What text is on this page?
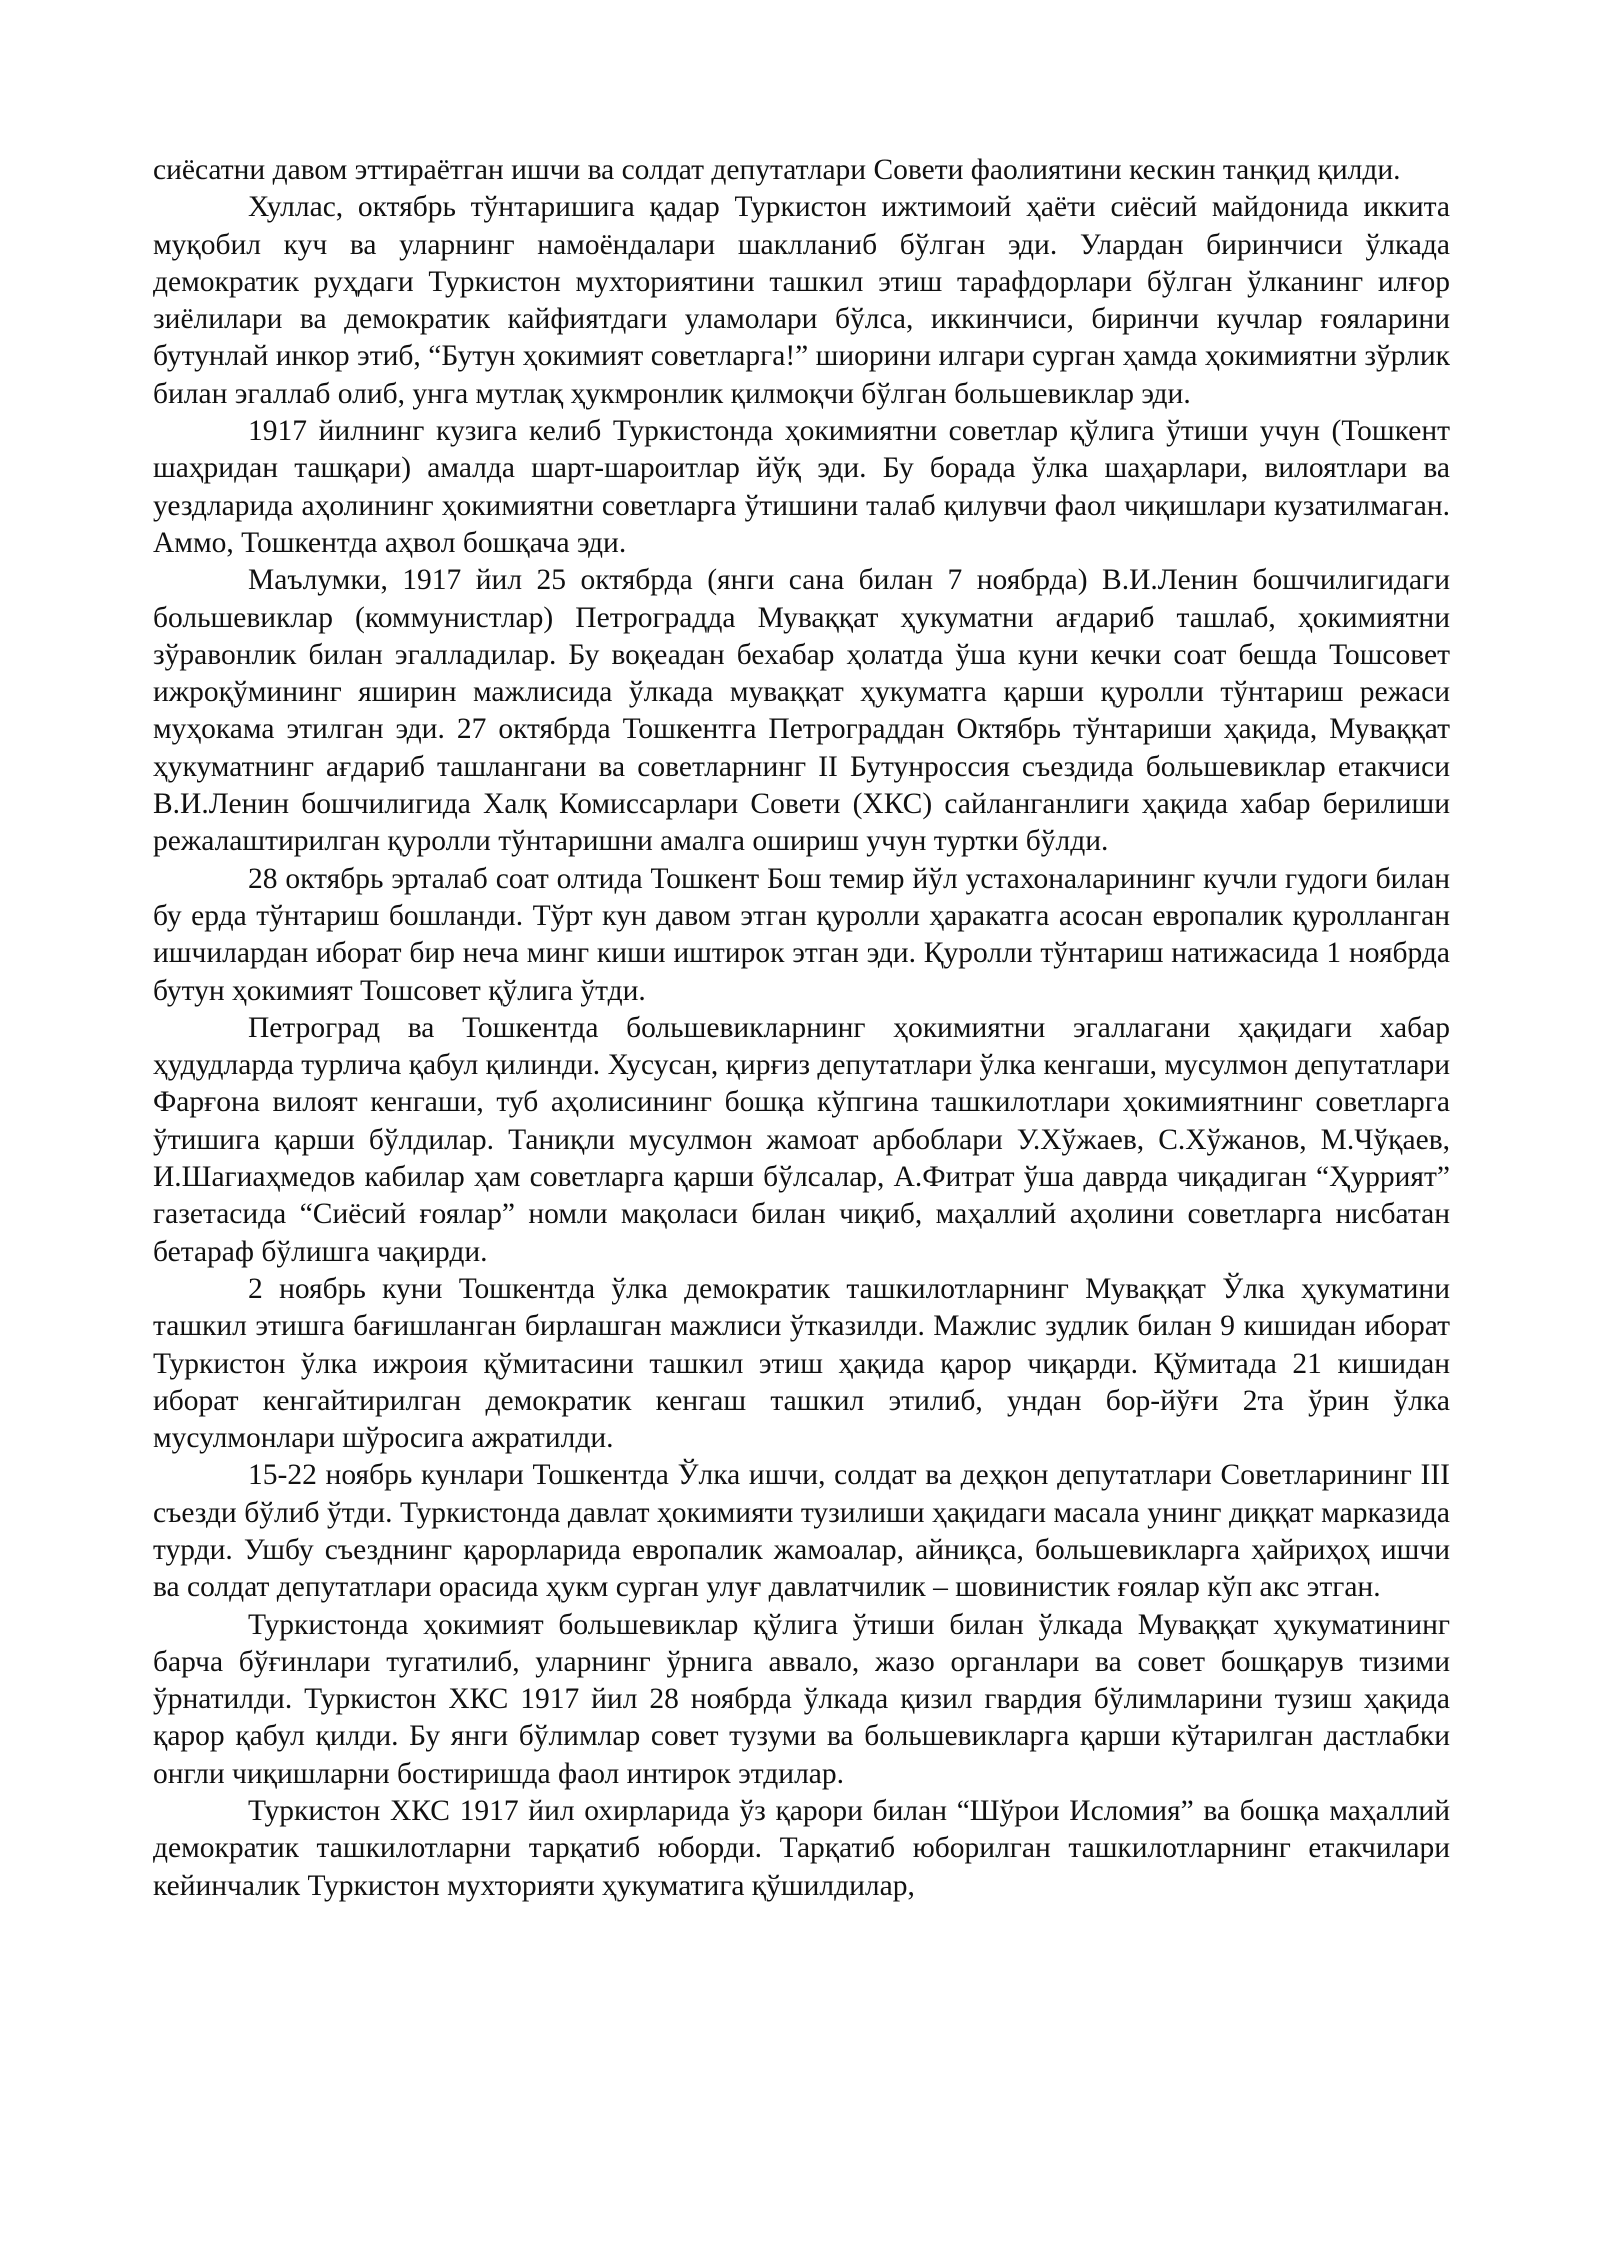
сиёсатни давом эттираётган ишчи ва солдат депутатлари Совети фаолиятини кескин танқид қилди.

Хуллас, октябрь тўнтаришига қадар Туркистон ижтимоий ҳаёти сиёсий майдонида иккита муқобил куч ва уларнинг намоёндалари шаклланиб бўлган эди. Улардан биринчиси ўлкада демократик руҳдаги Туркистон мухториятини ташкил этиш тарафдорлари бўлган ўлканинг илғор зиёлилари ва демократик кайфиятдаги уламолари бўлса, иккинчиси, биринчи кучлар ғояларини бутунлай инкор этиб, “Бутун ҳокимият советларга!” шиорини илгари сурган ҳамда ҳокимиятни зўрлик билан эгаллаб олиб, унга мутлақ ҳукмронлик қилмоқчи бўлган большевиклар эди.

1917 йилнинг кузига келиб Туркистонда ҳокимиятни советлар қўлига ўтиши учун (Тошкент шаҳридан ташқари) амалда шарт-шароитлар йўқ эди. Бу борада ўлка шаҳарлари, вилоятлари ва уездларида аҳолининг ҳокимиятни советларга ўтишини талаб қилувчи фаол чиқишлари кузатилмаган. Аммо, Тошкентда аҳвол бошқача эди.

Маълумки, 1917 йил 25 октябрда (янги сана билан 7 ноябрда) В.И.Ленин бошчилигидаги большевиклар (коммунистлар) Петроградда Муваққат ҳукуматни ағдариб ташлаб, ҳокимиятни зўравонлик билан эгалладилар. Бу воқеадан бехабар ҳолатда ўша куни кечки соат бешда Тошсовет ижроқўмининг яширин мажлисида ўлкада муваққат ҳукуматга қарши қуролли тўнтариш режаси муҳокама этилган эди. 27 октябрда Тошкентга Петрограддан Октябрь тўнтариши ҳақида, Муваққат ҳукуматнинг ағдариб ташлангани ва советларнинг II Бутунроссия съездида большевиклар етакчиси В.И.Ленин бошчилигида Халқ Комиссарлари Совети (ХКС) сайланганлиги ҳақида хабар берилиши режалаштирилган қуролли тўнтаришни амалга ошириш учун туртки бўлди.

28 октябрь эрталаб соат олтида Тошкент Бош темир йўл устахоналарининг кучли гудоги билан бу ерда тўнтариш бошланди. Тўрт кун давом этган қуролли ҳаракатга асосан европалик қуролланган ишчилардан иборат бир неча минг киши иштирок этган эди. Қуролли тўнтариш натижасида 1 ноябрда бутун ҳокимият Тошсовет қўлига ўтди.

Петроград ва Тошкентда большевикларнинг ҳокимиятни эгаллагани ҳақидаги хабар ҳудудларда турлича қабул қилинди. Хусусан, қирғиз депутатлари ўлка кенгаши, мусулмон депутатлари Фарғона вилоят кенгаши, туб аҳолисининг бошқа кўпгина ташкилотлари ҳокимиятнинг советларга ўтишига қарши бўлдилар. Таниқли мусулмон жамоат арбоблари У.Хўжаев, С.Хўжанов, М.Чўқаев, И.Шагиаҳмедов кабилар ҳам советларга қарши бўлсалар, А.Фитрат ўша даврда чиқадиган “Ҳуррият” газетасида “Сиёсий ғоялар” номли мақоласи билан чиқиб, маҳаллий аҳолини советларга нисбатан бетараф бўлишга чақирди.

2 ноябрь куни Тошкентда ўлка демократик ташкилотларнинг Муваққат Ўлка ҳукуматини ташкил этишга бағишланган бирлашган мажлиси ўтказилди. Мажлис зудлик билан 9 кишидан иборат Туркистон ўлка ижроия қўмитасини ташкил этиш ҳақида қарор чиқарди. Қўмитада 21 кишидан иборат кенгайтирилган демократик кенгаш ташкил этилиб, ундан бор-йўғи 2та ўрин ўлка мусулмонлари шўросига ажратилди.

15-22 ноябрь кунлари Тошкентда Ўлка ишчи, солдат ва деҳқон депутатлари Советларининг III съезди бўлиб ўтди. Туркистонда давлат ҳокимияти тузилиши ҳақидаги масала унинг диққат марказида турди. Ушбу съезднинг қарорларида европалик жамоалар, айниқса, большевикларга ҳайриҳоҳ ишчи ва солдат депутатлари орасида ҳукм сурган улуғ давлатчилик – шовинистик ғоялар кўп акс этган.

Туркистонда ҳокимият большевиклар қўлига ўтиши билан ўлкада Муваққат ҳукуматининг барча бўғинлари тугатилиб, уларнинг ўрнига аввало, жазо органлари ва совет бошқарув тизими ўрнатилди. Туркистон ХКС 1917 йил 28 ноябрда ўлкада қизил гвардия бўлимларини тузиш ҳақида қарор қабул қилди. Бу янги бўлимлар совет тузуми ва большевикларга қарши кўтарилган дастлабки онгли чиқишларни бостиришда фаол интирок этдилар.

Туркистон ХКС 1917 йил охирларида ўз қарори билан “Шўрои Исломия” ва бошқа маҳаллий демократик ташкилотларни тарқатиб юборди. Тарқатиб юборилган ташкилотларнинг етакчилари кейинчалик Туркистон мухторияти ҳукуматига қўшилдилар,
